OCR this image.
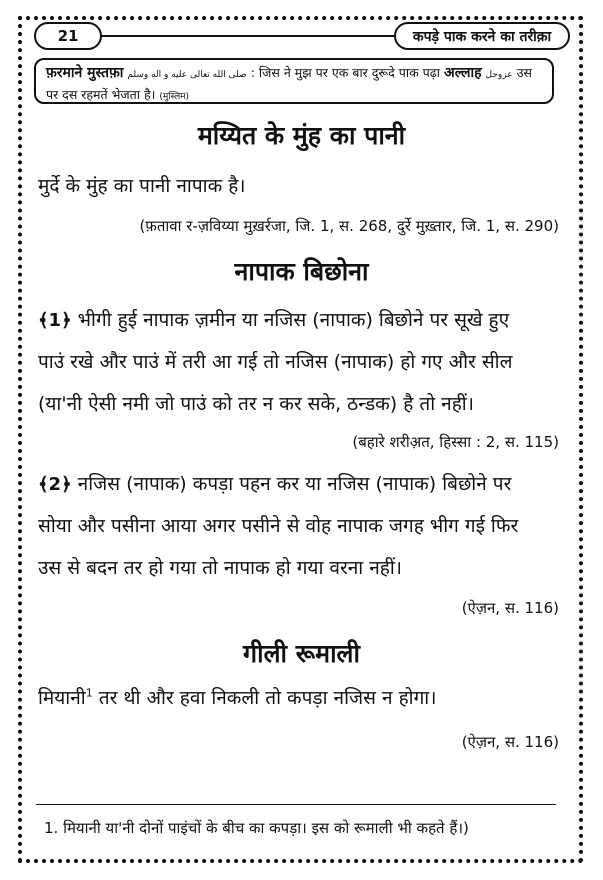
21	कपड़े पाक करने का तरीक़ा
फ़रमाने मुस्तफ़ा صلى الله تعالى عليه و اله وسلم : जिस ने मुझ पर एक बार दुरूदे पाक पढ़ा अल्लाह عزوجل उस
पर दस रहमतें भेजता है। (मुस्लिम)
मय्यित के मुंह का पानी
मुर्दे के मुंह का पानी नापाक है।
(फ़तावा र-ज़विय्या मुख़र्रजा, जि. 1, स. 268, दुर्रे मुख़्तार, जि. 1, स. 290)
नापाक बिछोना
﴾1﴿ भीगी हुई नापाक ज़मीन या नजिस (नापाक) बिछोने पर सूखे हुए
पाउं रखे और पाउं में तरी आ गई तो नजिस (नापाक) हो गए और सील
(या'नी ऐसी नमी जो पाउं को तर न कर सके, ठन्डक) है तो नहीं।
(बहारे शरीअ़त, हिस्सा : 2, स. 115)
﴾2﴿ नजिस (नापाक) कपड़ा पहन कर या नजिस (नापाक) बिछोने पर
सोया और पसीना आया अगर पसीने से वोह नापाक जगह भीग गई फिर
उस से बदन तर हो गया तो नापाक हो गया वरना नहीं।
(ऐज़न, स. 116)
गीली रूमाली
मियानी$^1$ तर थी और हवा निकली तो कपड़ा नजिस न होगा।
(ऐज़न, स. 116)
1. मियानी या'नी दोनों पाइंचों के बीच का कपड़ा। इस को रूमाली भी कहते हैं।)
